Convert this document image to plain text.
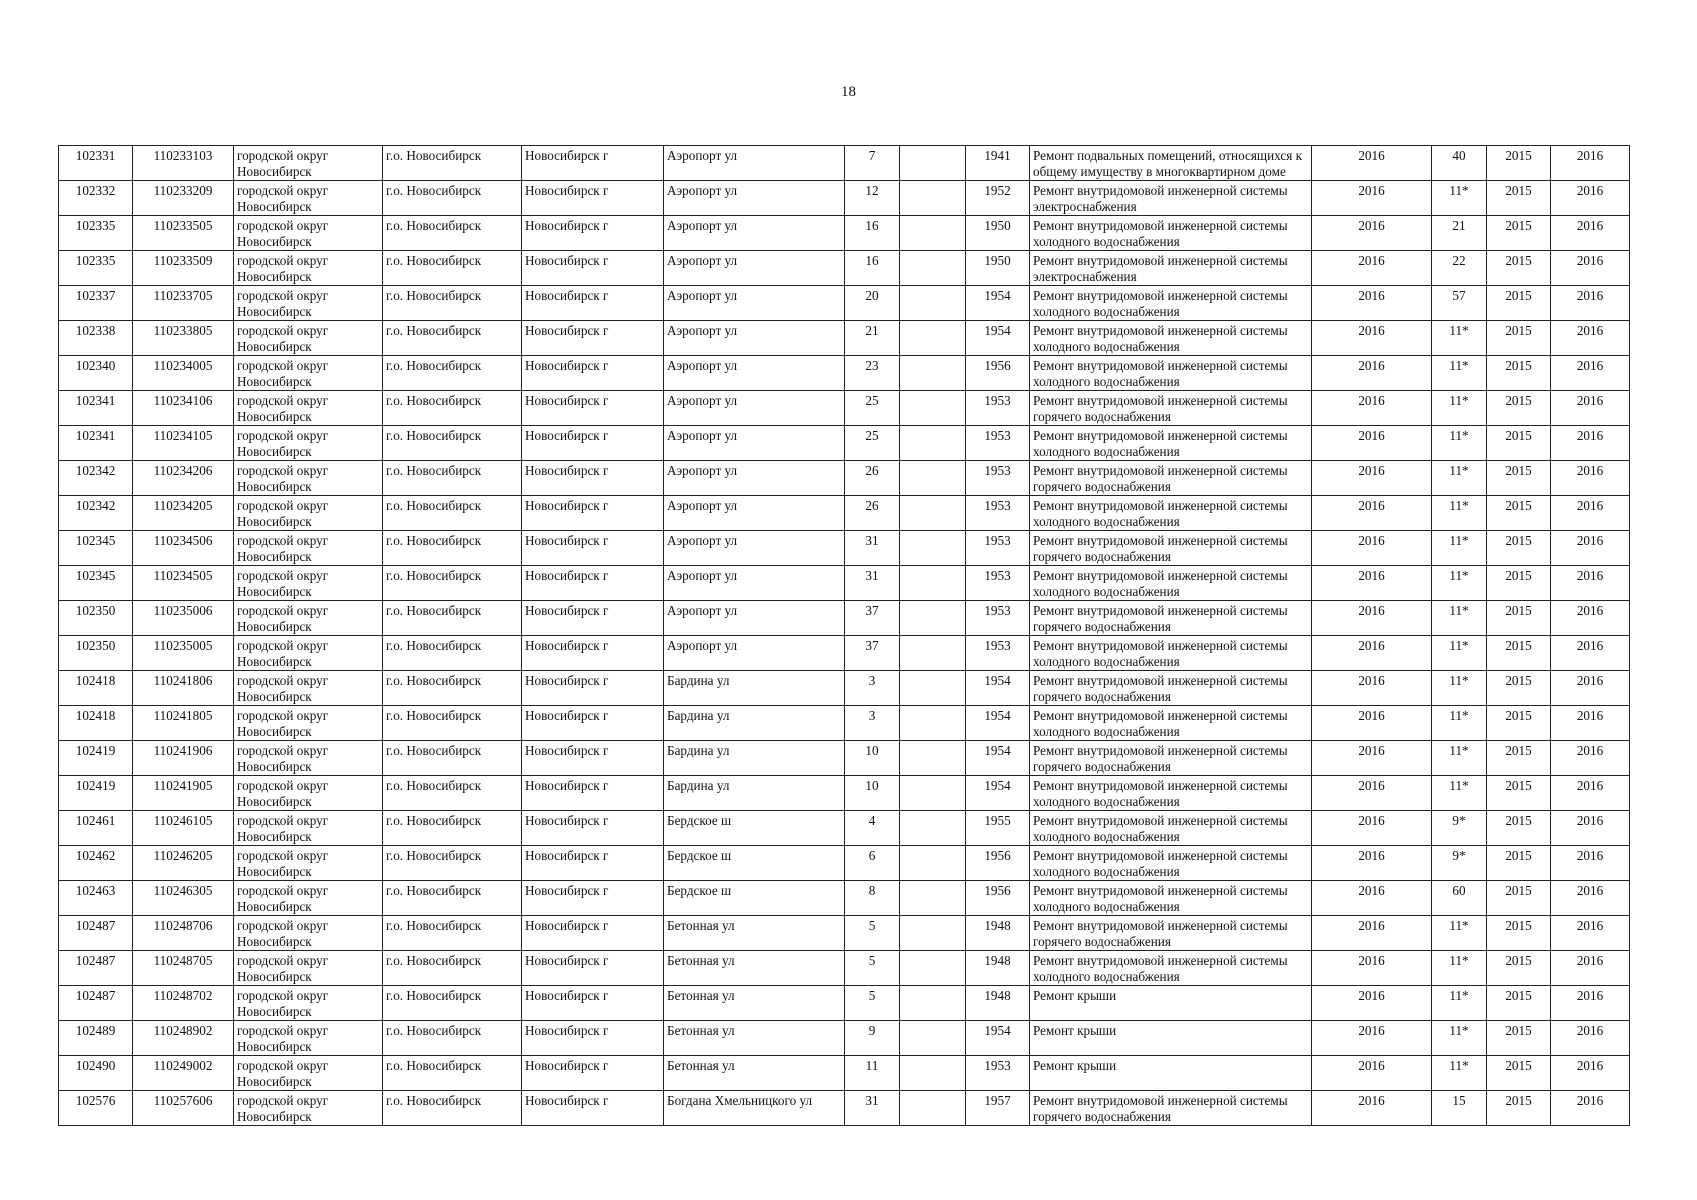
18
102331	110233103	городской округ Новосибирск	г.о. Новосибирск	Новосибирск г	Аэропорт ул	7		1941	Ремонт подвальных помещений, относящихся к общему имуществу в многоквартирном доме	2016	40	2015	2016
102332	110233209	городской округ Новосибирск	г.о. Новосибирск	Новосибирск г	Аэропорт ул	12		1952	Ремонт внутридомовой инженерной системы электроснабжения	2016	11*	2015	2016
102335	110233505	городской округ Новосибирск	г.о. Новосибирск	Новосибирск г	Аэропорт ул	16		1950	Ремонт внутридомовой инженерной системы холодного водоснабжения	2016	21	2015	2016
102335	110233509	городской округ Новосибирск	г.о. Новосибирск	Новосибирск г	Аэропорт ул	16		1950	Ремонт внутридомовой инженерной системы электроснабжения	2016	22	2015	2016
102337	110233705	городской округ Новосибирск	г.о. Новосибирск	Новосибирск г	Аэропорт ул	20		1954	Ремонт внутридомовой инженерной системы холодного водоснабжения	2016	57	2015	2016
102338	110233805	городской округ Новосибирск	г.о. Новосибирск	Новосибирск г	Аэропорт ул	21		1954	Ремонт внутридомовой инженерной системы холодного водоснабжения	2016	11*	2015	2016
102340	110234005	городской округ Новосибирск	г.о. Новосибирск	Новосибирск г	Аэропорт ул	23		1956	Ремонт внутридомовой инженерной системы холодного водоснабжения	2016	11*	2015	2016
102341	110234106	городской округ Новосибирск	г.о. Новосибирск	Новосибирск г	Аэропорт ул	25		1953	Ремонт внутридомовой инженерной системы горячего водоснабжения	2016	11*	2015	2016
102341	110234105	городской округ Новосибирск	г.о. Новосибирск	Новосибирск г	Аэропорт ул	25		1953	Ремонт внутридомовой инженерной системы холодного водоснабжения	2016	11*	2015	2016
102342	110234206	городской округ Новосибирск	г.о. Новосибирск	Новосибирск г	Аэропорт ул	26		1953	Ремонт внутридомовой инженерной системы горячего водоснабжения	2016	11*	2015	2016
102342	110234205	городской округ Новосибирск	г.о. Новосибирск	Новосибирск г	Аэропорт ул	26		1953	Ремонт внутридомовой инженерной системы холодного водоснабжения	2016	11*	2015	2016
102345	110234506	городской округ Новосибирск	г.о. Новосибирск	Новосибирск г	Аэропорт ул	31		1953	Ремонт внутридомовой инженерной системы горячего водоснабжения	2016	11*	2015	2016
102345	110234505	городской округ Новосибирск	г.о. Новосибирск	Новосибирск г	Аэропорт ул	31		1953	Ремонт внутридомовой инженерной системы холодного водоснабжения	2016	11*	2015	2016
102350	110235006	городской округ Новосибирск	г.о. Новосибирск	Новосибирск г	Аэропорт ул	37		1953	Ремонт внутридомовой инженерной системы горячего водоснабжения	2016	11*	2015	2016
102350	110235005	городской округ Новосибирск	г.о. Новосибирск	Новосибирск г	Аэропорт ул	37		1953	Ремонт внутридомовой инженерной системы холодного водоснабжения	2016	11*	2015	2016
102418	110241806	городской округ Новосибирск	г.о. Новосибирск	Новосибирск г	Бардина ул	3		1954	Ремонт внутридомовой инженерной системы горячего водоснабжения	2016	11*	2015	2016
102418	110241805	городской округ Новосибирск	г.о. Новосибирск	Новосибирск г	Бардина ул	3		1954	Ремонт внутридомовой инженерной системы холодного водоснабжения	2016	11*	2015	2016
102419	110241906	городской округ Новосибирск	г.о. Новосибирск	Новосибирск г	Бардина ул	10		1954	Ремонт внутридомовой инженерной системы горячего водоснабжения	2016	11*	2015	2016
102419	110241905	городской округ Новосибирск	г.о. Новосибирск	Новосибирск г	Бардина ул	10		1954	Ремонт внутридомовой инженерной системы холодного водоснабжения	2016	11*	2015	2016
102461	110246105	городской округ Новосибирск	г.о. Новосибирск	Новосибирск г	Бердское ш	4		1955	Ремонт внутридомовой инженерной системы холодного водоснабжения	2016	9*	2015	2016
102462	110246205	городской округ Новосибирск	г.о. Новосибирск	Новосибирск г	Бердское ш	6		1956	Ремонт внутридомовой инженерной системы холодного водоснабжения	2016	9*	2015	2016
102463	110246305	городской округ Новосибирск	г.о. Новосибирск	Новосибирск г	Бердское ш	8		1956	Ремонт внутридомовой инженерной системы холодного водоснабжения	2016	60	2015	2016
102487	110248706	городской округ Новосибирск	г.о. Новосибирск	Новосибирск г	Бетонная ул	5		1948	Ремонт внутридомовой инженерной системы горячего водоснабжения	2016	11*	2015	2016
102487	110248705	городской округ Новосибирск	г.о. Новосибирск	Новосибирск г	Бетонная ул	5		1948	Ремонт внутридомовой инженерной системы холодного водоснабжения	2016	11*	2015	2016
102487	110248702	городской округ Новосибирск	г.о. Новосибирск	Новосибирск г	Бетонная ул	5		1948	Ремонт крыши	2016	11*	2015	2016
102489	110248902	городской округ Новосибирск	г.о. Новосибирск	Новосибирск г	Бетонная ул	9		1954	Ремонт крыши	2016	11*	2015	2016
102490	110249002	городской округ Новосибирск	г.о. Новосибирск	Новосибирск г	Бетонная ул	11		1953	Ремонт крыши	2016	11*	2015	2016
102576	110257606	городской округ Новосибирск	г.о. Новосибирск	Новосибирск г	Богдана Хмельницкого ул	31		1957	Ремонт внутридомовой инженерной системы горячего водоснабжения	2016	15	2015	2016
